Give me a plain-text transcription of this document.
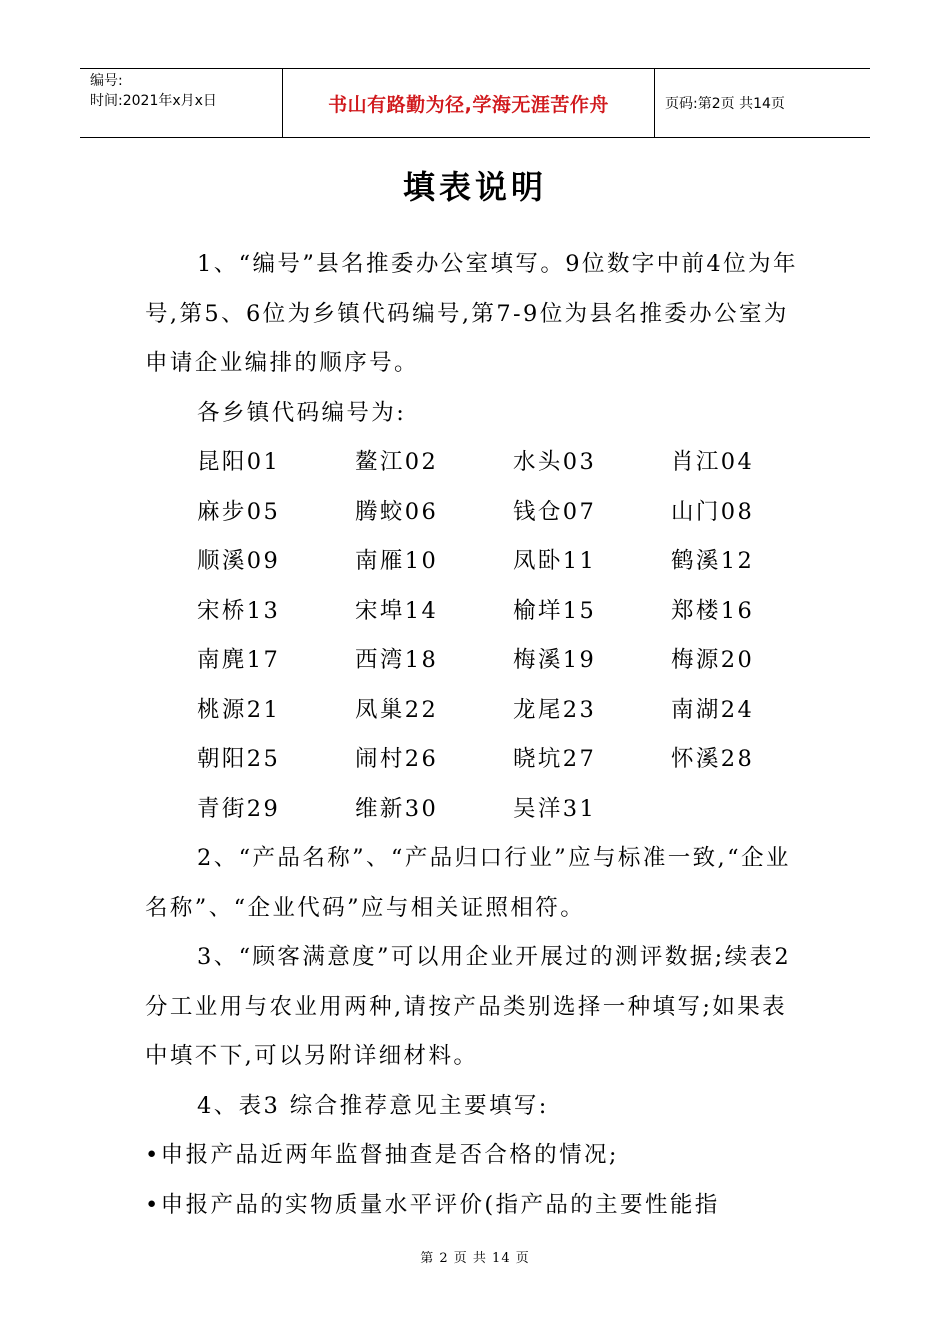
编号:
时间:2021年x月x日	书山有路勤为径,学海无涯苦作舟	页码:第2页 共14页
填表说明

1、“编号”县名推委办公室填写。9位数字中前4位为年号,第5、6位为乡镇代码编号,第7-9位为县名推委办公室为申请企业编排的顺序号。

各乡镇代码编号为:

昆阳01	鳌江02	水头03	肖江04
麻步05	腾蛟06	钱仓07	山门08
顺溪09	南雁10	凤卧11	鹤溪12
宋桥13	宋埠14	榆垟15	郑楼16
南麂17	西湾18	梅溪19	梅源20
桃源21	凤巢22	龙尾23	南湖24
朝阳25	闹村26	晓坑27	怀溪28
青街29	维新30	吴洋31

2、“产品名称”、“产品归口行业”应与标准一致,“企业名称”、“企业代码”应与相关证照相符。

3、“顾客满意度”可以用企业开展过的测评数据;续表2分工业用与农业用两种,请按产品类别选择一种填写;如果表中填不下,可以另附详细材料。

4、表3 综合推荐意见主要填写:

• 申报产品近两年监督抽查是否合格的情况;

• 申报产品的实物质量水平评价(指产品的主要性能指

第 2 页 共 14 页
